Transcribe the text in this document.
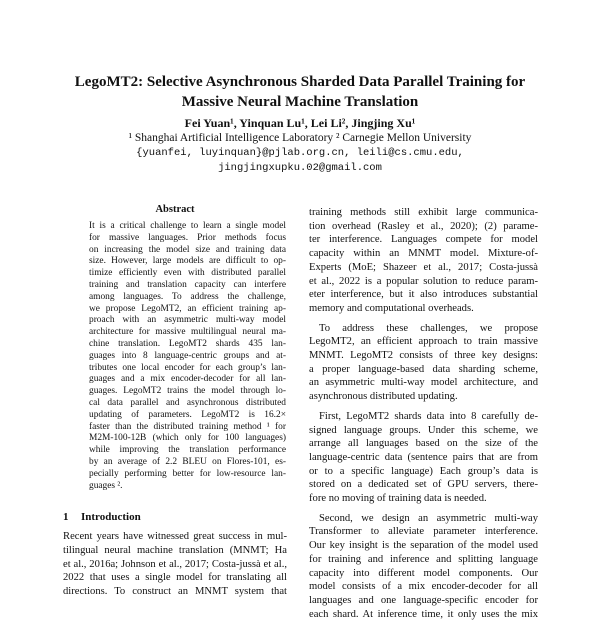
LegoMT2: Selective Asynchronous Sharded Data Parallel Training for
Massive Neural Machine Translation
Fei Yuan¹, Yinquan Lu¹, Lei Li², Jingjing Xu¹
¹ Shanghai Artificial Intelligence Laboratory ² Carnegie Mellon University
{yuanfei, luyinquan}@pjlab.org.cn, leili@cs.cmu.edu,
jingjingxupku.02@gmail.com
Abstract
It is a critical challenge to learn a single model
for massive languages. Prior methods focus
on increasing the model size and training data
size. However, large models are difficult to op-
timize efficiently even with distributed parallel
training and translation capacity can interfere
among languages. To address the challenge,
we propose LegoMT2, an efficient training ap-
proach with an asymmetric multi-way model
architecture for massive multilingual neural ma-
chine translation. LegoMT2 shards 435 lan-
guages into 8 language-centric groups and at-
tributes one local encoder for each group’s lan-
guages and a mix encoder-decoder for all lan-
guages. LegoMT2 trains the model through lo-
cal data parallel and asynchronous distributed
updating of parameters. LegoMT2 is 16.2×
faster than the distributed training method ¹ for
M2M-100-12B (which only for 100 languages)
while improving the translation performance
by an average of 2.2 BLEU on Flores-101, es-
pecially performing better for low-resource lan-
guages ².
1 Introduction
Recent years have witnessed great success in mul-
tilingual neural machine translation (MNMT; Ha
et al., 2016a; Johnson et al., 2017; Costa-jussà et al.,
2022 that uses a single model for translating all
directions. To construct an MNMT system that
training methods still exhibit large communica-
tion overhead (Rasley et al., 2020); (2) parame-
ter interference. Languages compete for model
capacity within an MNMT model. Mixture-of-
Experts (MoE; Shazeer et al., 2017; Costa-jussà
et al., 2022 is a popular solution to reduce param-
eter interference, but it also introduces substantial
memory and computational overheads.
To address these challenges, we propose
LegoMT2, an efficient approach to train massive
MNMT. LegoMT2 consists of three key designs:
a proper language-based data sharding scheme,
an asymmetric multi-way model architecture, and
asynchronous distributed updating.
First, LegoMT2 shards data into 8 carefully de-
signed language groups. Under this scheme, we
arrange all languages based on the size of the
language-centric data (sentence pairs that are from
or to a specific language) Each group’s data is
stored on a dedicated set of GPU servers, there-
fore no moving of training data is needed.
Second, we design an asymmetric multi-way
Transformer to alleviate parameter interference.
Our key insight is the separation of the model used
for training and inference and splitting language
capacity into different model components. Our
model consists of a mix encoder-decoder for all
languages and one language-specific encoder for
each shard. At inference time, it only uses the mix
